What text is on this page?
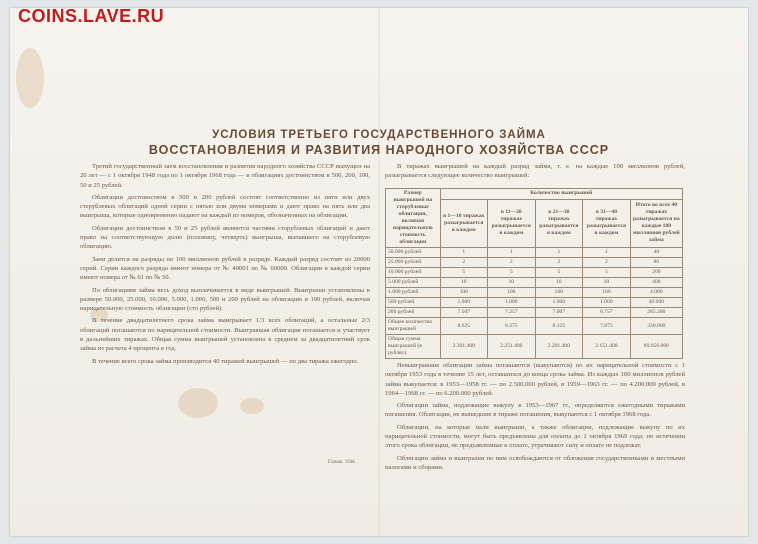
УСЛОВИЯ ТРЕТЬЕГО ГОСУДАРСТВЕННОГО ЗАЙМА
ВОССТАНОВЛЕНИЯ И РАЗВИТИЯ НАРОДНОГО ХОЗЯЙСТВА СССР

Третий государственный заем восстановления и развития народного хозяйства СССР выпущен на 20 лет — с 1 октября 1948 года по 1 октября 1968 года — в облигациях достоинством в 500, 200, 100, 50 и 25 рублей.

Облигации достоинством в 500 и 200 рублей состоят соответственно из пяти или двух стерублевых облигаций одной серии с пятью или двумя номерами и дают право на пять или два выигрыша, которые одновременно падают на каждый из номеров, обозначенных на облигации.

Облигации достоинством в 50 и 25 рублей являются частями сторублевых облигаций и дают право на соответствующую долю (половину, четверть) выигрыша, выпавшего на сторублевую облигацию.

Заем делится на разряды по 100 миллионов рублей в разряде. Каждый разряд состоит из 20000 серий. Серии каждого разряда имеют номера от № 40001 по № 60000. Облигации в каждой серии имеют номера от № 01 по № 50.

По облигациям займа весь доход выплачивается в виде выигрышей. Выигрыши установлены в размере 50.000, 25.000, 10.000, 5.000, 1.000, 500 и 200 рублей на облигацию в 100 рублей, включая нарицательную стоимость облигации (сто рублей).

В течение двадцатилетнего срока займа выигрывает 1/3 всех облигаций, а остальные 2/3 облигаций погашаются по нарицательной стоимости. Выигравшая облигация погашается и участвует в дальнейших тиражах. Общая сумма выигрышей установлена в среднем за двадцатилетний срок займа из расчета 4 процента в год.

В течение всего срока займа производится 40 тиражей выигрышей — по два тиража ежегодно.

В тиражах выигрышей на каждый разряд займа, т. е. на каждые 100 миллионов рублей, разыгрывается следующее количество выигрышей:

Размер выигрышей на сторублевые облигации, включая нарицательную стоимость облигации	Количество выигрышей				
	в 1—10 тиражах разыгрывается в каждом	в 11—20 тиражах разыгрывается в каждом	в 21—30 тиражах разыгрывается в каждом	в 31—40 тиражах разыгрывается в каждом	Итого во всех 40 тиражах разыгрывается на каждые 100 миллионов рублей займа
50.000 рублей	1	1	1	1	40
25.000 рублей	2	2	2	2	80
10.000 рублей	5	5	5	5	200
5.000 рублей	10	10	10	10	400
1.000 рублей	100	100	100	100	4.000
500 рублей	1.000	1.000	1.000	1.000	40.000
200 рублей	7.507	7.257	7.007	6.757	285.280
Общее количество выигрышей	8.625	8.375	8.125	7.875	330.000
Общая сумма выигрышей (в рублях)	2.301.400	2.251.400	2.201.400	2.151.400	89.056.000

Невыигравшие облигации займа погашаются (выкупаются) по их нарицательной стоимости с 1 октября 1953 года в течение 15 лет, оставшихся до конца срока займа. Из каждых 100 миллионов рублей займа выкупается: в 1953—1958 гг. — по 2.500.000 рублей, в 1959—1963 гг. — по 4.200.000 рублей, в 1964—1968 гг. — по 6.200.000 рублей.

Облигации займа, подлежащие выкупу в 1953—1967 гг., определяются ежегодными тиражами погашения. Облигации, не вышедшие в тираже погашения, выкупаются с 1 октября 1968 года.

Облигации, на которые пали выигрыши, а также облигации, подлежащие выкупу по их нарицательной стоимости, могут быть предъявлены для оплаты до 1 октября 1969 года; по истечении этого срока облигации, не предъявленные к оплате, утрачивают силу и оплате не подлежат.

Облигации займа и выигрыши по ним освобождаются от обложения государственными и местными налогами и сборами.

Гознак. 1948
COINS.LAVE.RU
